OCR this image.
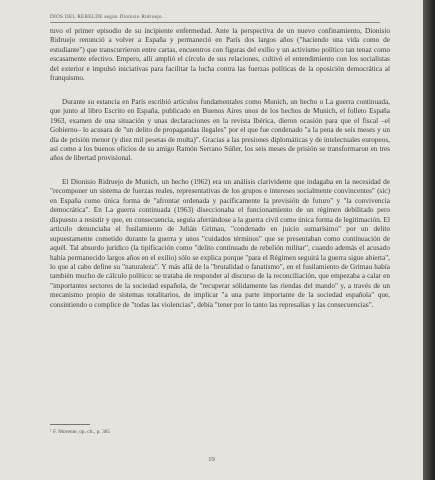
DIOS DEL REBELDE según Dionisio Ridruejo

tuvo el primer episodio de su incipiente enfermedad. Ante la perspectiva de un nuevo confinamiento, Dionisio Ridruejo renunció a volver a España y permaneció en París dos largos años ("haciendo una vida como de estudiante") que transcurrieron entre cartas, encuentros con figuras del exilio y un activismo político tan tenaz como escasamente efectivo. Empero, allí amplió el círculo de sus relaciones, cultivó el entendimiento con los socialistas del exterior e impulsó iniciativas para facilitar la lucha contra las fuerzas políticas de la oposición democrática al franquismo.

Durante su estancia en París escribió artículos fundamentales como Munich, un hecho o La guerra continuada, que junto al libro Escrito en España, publicado en Buenos Aires unos de los hechos de Munich, el folleto España 1963, examen de una situación y unas declaraciones en la revista Ibérica, dieron ocasión para que el fiscal –el Gobierno– lo acusara de "un delito de propagandas ilegales" por el que fue condenado "a la pena de seis meses y un día de prisión menor (y diez mil pesetas de multa)". Gracias a las presiones diplomáticas y de intelectuales europeos, así como a los buenos oficios de su amigo Ramón Serrano Súñer, los seis meses de prisión se transformaron en tres años de libertad provisional.

El Dionisio Ridruejo de Munich, un hecho (1962) era un análisis clarividente que indagaba en la necesidad de "recomponer un sistema de fuerzas reales, representativas de los grupos e intereses socialmente convincentes" (sic) en España como única forma de "afrontar ordenada y pacíficamente la previsión de futuro" y "la convivencia democrática". En La guerra continuada (1963) diseccionaba el funcionamiento de un régimen debilitado pero dispuesto a resistir y que, en consecuencia, seguía aferrándose a la guerra civil como única forma de legitimación. El artículo denunciaba el fusilamiento de Julián Grimau, "condenado en juicio sumarísimo" por un delito supuestamente cometido durante la guerra y unos "cuidados términos" que se presentaban como continuación de aquél. Tal absurdo jurídico (la tipificación como "delito continuado de rebelión militar", cuando además el acusado había permanecido largos años en el exilio) sólo se explica porque "para el Régimen seguirá la guerra sigue abierta", lo que al cabo define su "naturaleza". Y más allá de la "brutalidad o fanatismo", en el fusilamiento de Grimau había también mucho de cálculo político: se trataba de responder al discurso de la reconciliación, que empezaba a calar en "importantes sectores de la sociedad española, de "recuperar sólidamente las riendas del mando" y, a través de un mecanismo propio de sistemas totalitarios, de implicar "a una parte importante de la sociedad española" que, consintiendo o complice de "todas las violencias", debía "tener por lo tanto las represalias y las consecuencias".

¹ F. Morente, op. cit., p. 385
19
